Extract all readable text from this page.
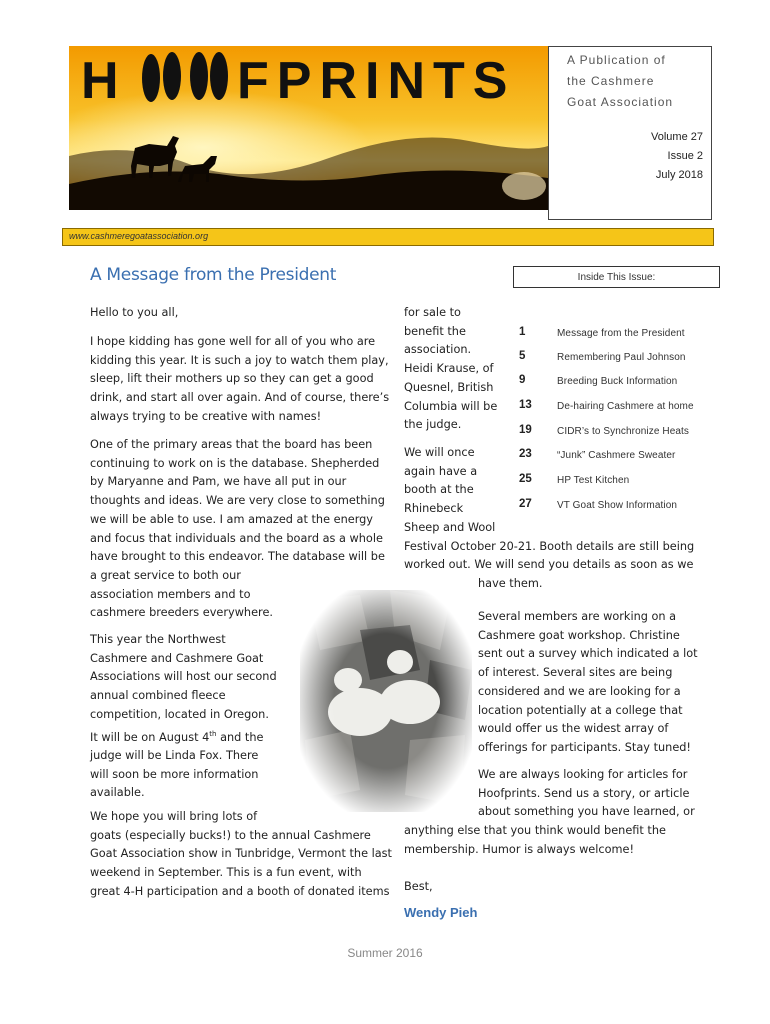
H FPRINTS	A Publication of
the Cashmere
Goat Association
Volume 27
Issue 2
July 2018
www.cashmeregoatassociation.org
A Message from the President	Inside This Issue:
Hello to you all,
I hope kidding has gone well for all of you who are
kidding this year. It is such a joy to watch them play,
sleep, lift their mothers up so they can get a good
drink, and start all over again. And of course, there’s
always trying to be creative with names!
One of the primary areas that the board has been
continuing to work on is the database. Shepherded
by Maryanne and Pam, we have all put in our
thoughts and ideas. We are very close to something
we will be able to use. I am amazed at the energy
and focus that individuals and the board as a whole
have brought to this endeavor. The database will be
a great service to both our
association members and to
cashmere breeders everywhere.
This year the Northwest
Cashmere and Cashmere Goat
Associations will host our second
annual combined fleece
competition, located in Oregon.
It will be on August 4th and the
judge will be Linda Fox. There
will soon be more information
available.
We hope you will bring lots of
goats (especially bucks!) to the annual Cashmere
Goat Association show in Tunbridge, Vermont the last
weekend in September. This is a fun event, with
great 4-H participation and a booth of donated items
for sale to
benefit the
association.
Heidi Krause, of
Quesnel, British
Columbia will be
the judge.
We will once
again have a
booth at the
Rhinebeck
Sheep and Wool
Festival October 20-21. Booth details are still being
worked out. We will send you details as soon as we
have them.
Several members are working on a
Cashmere goat workshop. Christine
sent out a survey which indicated a lot
of interest. Several sites are being
considered and we are looking for a
location potentially at a college that
would offer us the widest array of
offerings for participants. Stay tuned!
We are always looking for articles for
Hoofprints. Send us a story, or article
about something you have learned, or
anything else that you think would benefit the
membership. Humor is always welcome!
Best,
Wendy Pieh
1	Message from the President
5	Remembering Paul Johnson
9	Breeding Buck Information
13	De-hairing Cashmere at home
19	CIDR’s to Synchronize Heats
23	“Junk” Cashmere Sweater
25	HP Test Kitchen
27	VT Goat Show Information
Summer 2016
